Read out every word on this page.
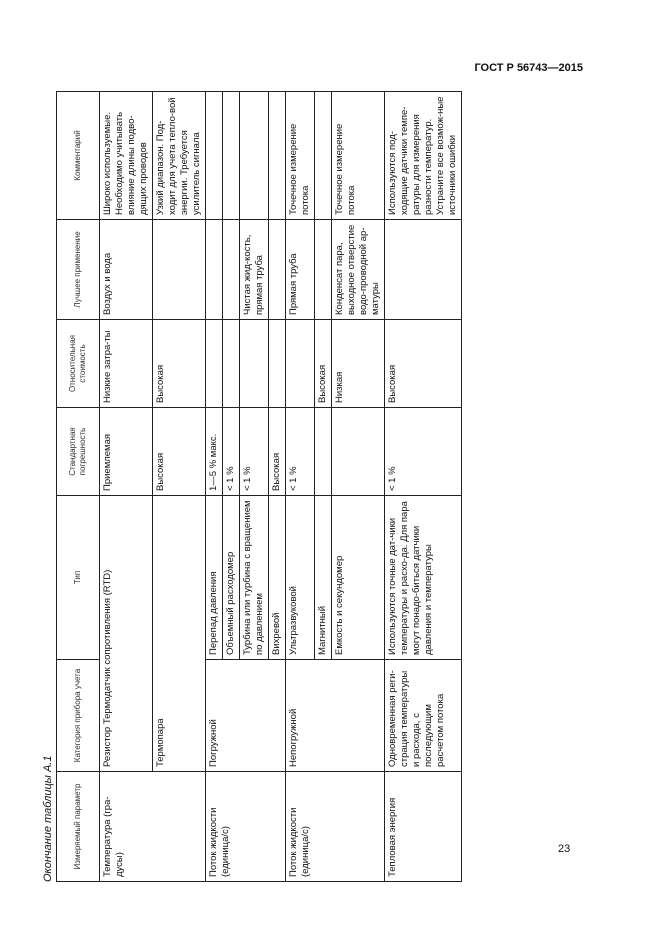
ГОСТ Р 56743—2015
Окончание таблицы А.1 Измеряемый параметр	Категория прибора учета	Тип	Стандартная погрешность	Относительная стоимость	Лучшее применение	Комментарий
Температура (гра-дусы)	Резистор Термодатчик сопротивления (RTD)		Приемлемая	Низкие затра-ты	Воздух и вода	Широко используемые. Необходимо учитывать влияние длины подво-дящих проводов
	Термопара		Высокая	Высокая		Узкий диапазон. Под-ходит для учета тепло-вой энергии. Требуется усилитель сигнала
Поток жидкости (единица/с)	Погружной	Перепад давления	1—5 % макс.			
		Объемный расходомер	< 1 %			
		Турбина или турбина с вращением по давлением	< 1 %		Чистая жид-кость, прямая труба	
		Вихревой	Высокая			
Поток жидкости (единица/с)	Непогружной	Ультразвуковой	< 1 %		Прямая труба	Точечное измерение потока
		Магнитный		Высокая		
		Емкость и секундомер		Низкая	Конденсат пара, выходное отверстие водо-проводной ар-матуры	Точечное измерение потока
Тепловая энергия	Одновременная реги-страция температуры и расхода, с последующим расчетом потока	Используются точные дат-чики температуры и расхо-да. Для пара могут понадо-биться датчики давления и температуры	< 1 %	Высокая		Используются под-ходящие датчики темпе-ратуры для измерения разности температур. Устраните все возмож-ные источники ошибки
23
